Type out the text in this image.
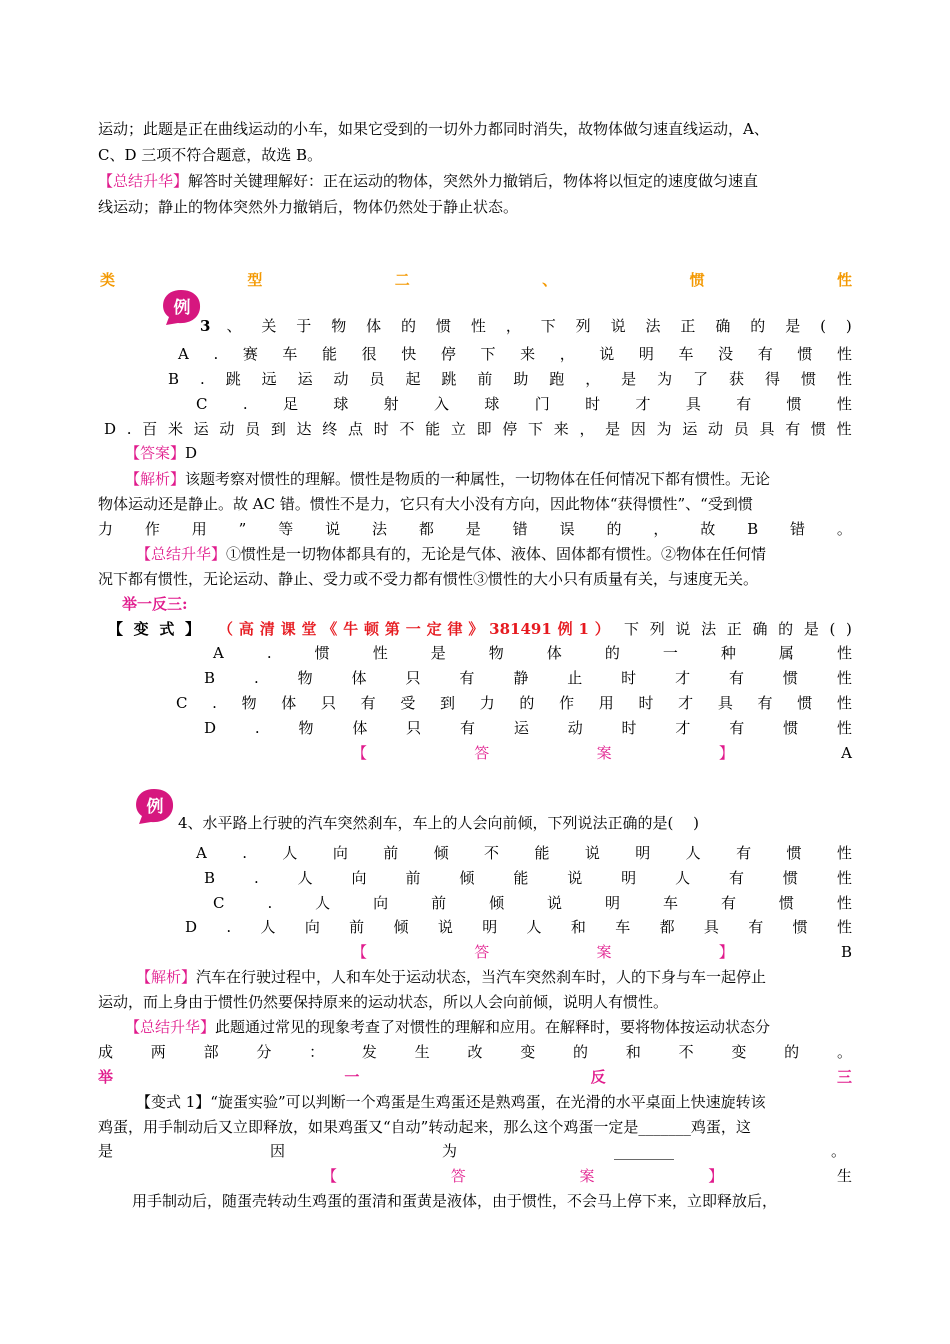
运动；此题是正在曲线运动的小车，如果它受到的一切外力都同时消失，故物体做匀速直线运动，A、
C、D 三项不符合题意，故选 B。
【总结升华】解答时关键理解好：正在运动的物体，突然外力撤销后，物体将以恒定的速度做匀速直
线运动；静止的物体突然外力撤销后，物体仍然处于静止状态。
类	型	二	、	惯	性
例
3 、 关 于 物 体 的 惯 性 ， 下 列 说 法 正 确 的 是 ( )
A . 赛 车 能 很 快 停 下 来 ， 说 明 车 没 有 惯 性
B . 跳 远 运 动 员 起 跳 前 助 跑 ， 是 为 了 获 得 惯 性
C . 足 球 射 入 球 门 时 才 具 有 惯 性
D . 百 米 运 动 员 到 达 终 点 时 不 能 立 即 停 下 来 ， 是 因 为 运 动 员 具 有 惯 性
【答案】D
【解析】该题考察对惯性的理解。惯性是物质的一种属性，一切物体在任何情况下都有惯性。无论
物体运动还是静止。故 AC 错。惯性不是力，它只有大小没有方向，因此物体“获得惯性”、“受到惯
力 作 用 ” 等 说 法 都 是 错 误 的 ， 故 B 错 。
【总结升华】①惯性是一切物体都具有的，无论是气体、液体、固体都有惯性。②物体在任何情
况下都有惯性，无论运动、静止、受力或不受力都有惯性③惯性的大小只有质量有关，与速度无关。
举一反三:
【 变 式 】 （ 高 清 课 堂 《 牛 顿 第 一 定 律 》 381491 例 1 ） 下 列 说 法 正 确 的 是 ( )
A	.	惯	性	是	物	体	的	一	种	属	性
B	.	物	体	只	有	静	止	时	才	有	惯	性
C . 物 体 只 有 受 到 力 的 作 用 时 才 具 有 惯 性
D	.	物	体	只	有	运	动	时	才	有	惯	性
【	答	案	】	A
例
4、水平路上行驶的汽车突然刹车，车上的人会向前倾，下列说法正确的是(　 )
A . 人 向 前 倾 不 能 说 明 人 有 惯 性
B	.	人	向	前	倾	能	说	明	人	有	惯	性
C	.	人	向	前	倾	说	明	车	有	惯	性
D . 人 向 前 倾 说 明 人 和 车 都 具 有 惯 性
【	答	案	】	B
【解析】汽车在行驶过程中，人和车处于运动状态，当汽车突然刹车时，人的下身与车一起停止
运动，而上身由于惯性仍然要保持原来的运动状态，所以人会向前倾，说明人有惯性。
【总结升华】此题通过常见的现象考查了对惯性的理解和应用。在解释时，要将物体按运动状态分
成	两	部	分	：	发	生	改	变	的	和	不	变	的	。
举	一	反	三
【变式 1】“旋蛋实验”可以判断一个鸡蛋是生鸡蛋还是熟鸡蛋，在光滑的水平桌面上快速旋转该
鸡蛋，用手制动后又立即释放，如果鸡蛋又“自动”转动起来，那么这个鸡蛋一定是_______鸡蛋，这
是	因	为	________	。
【	答	案	】	生
用手制动后，随蛋壳转动生鸡蛋的蛋清和蛋黄是液体，由于惯性，不会马上停下来，立即释放后，
